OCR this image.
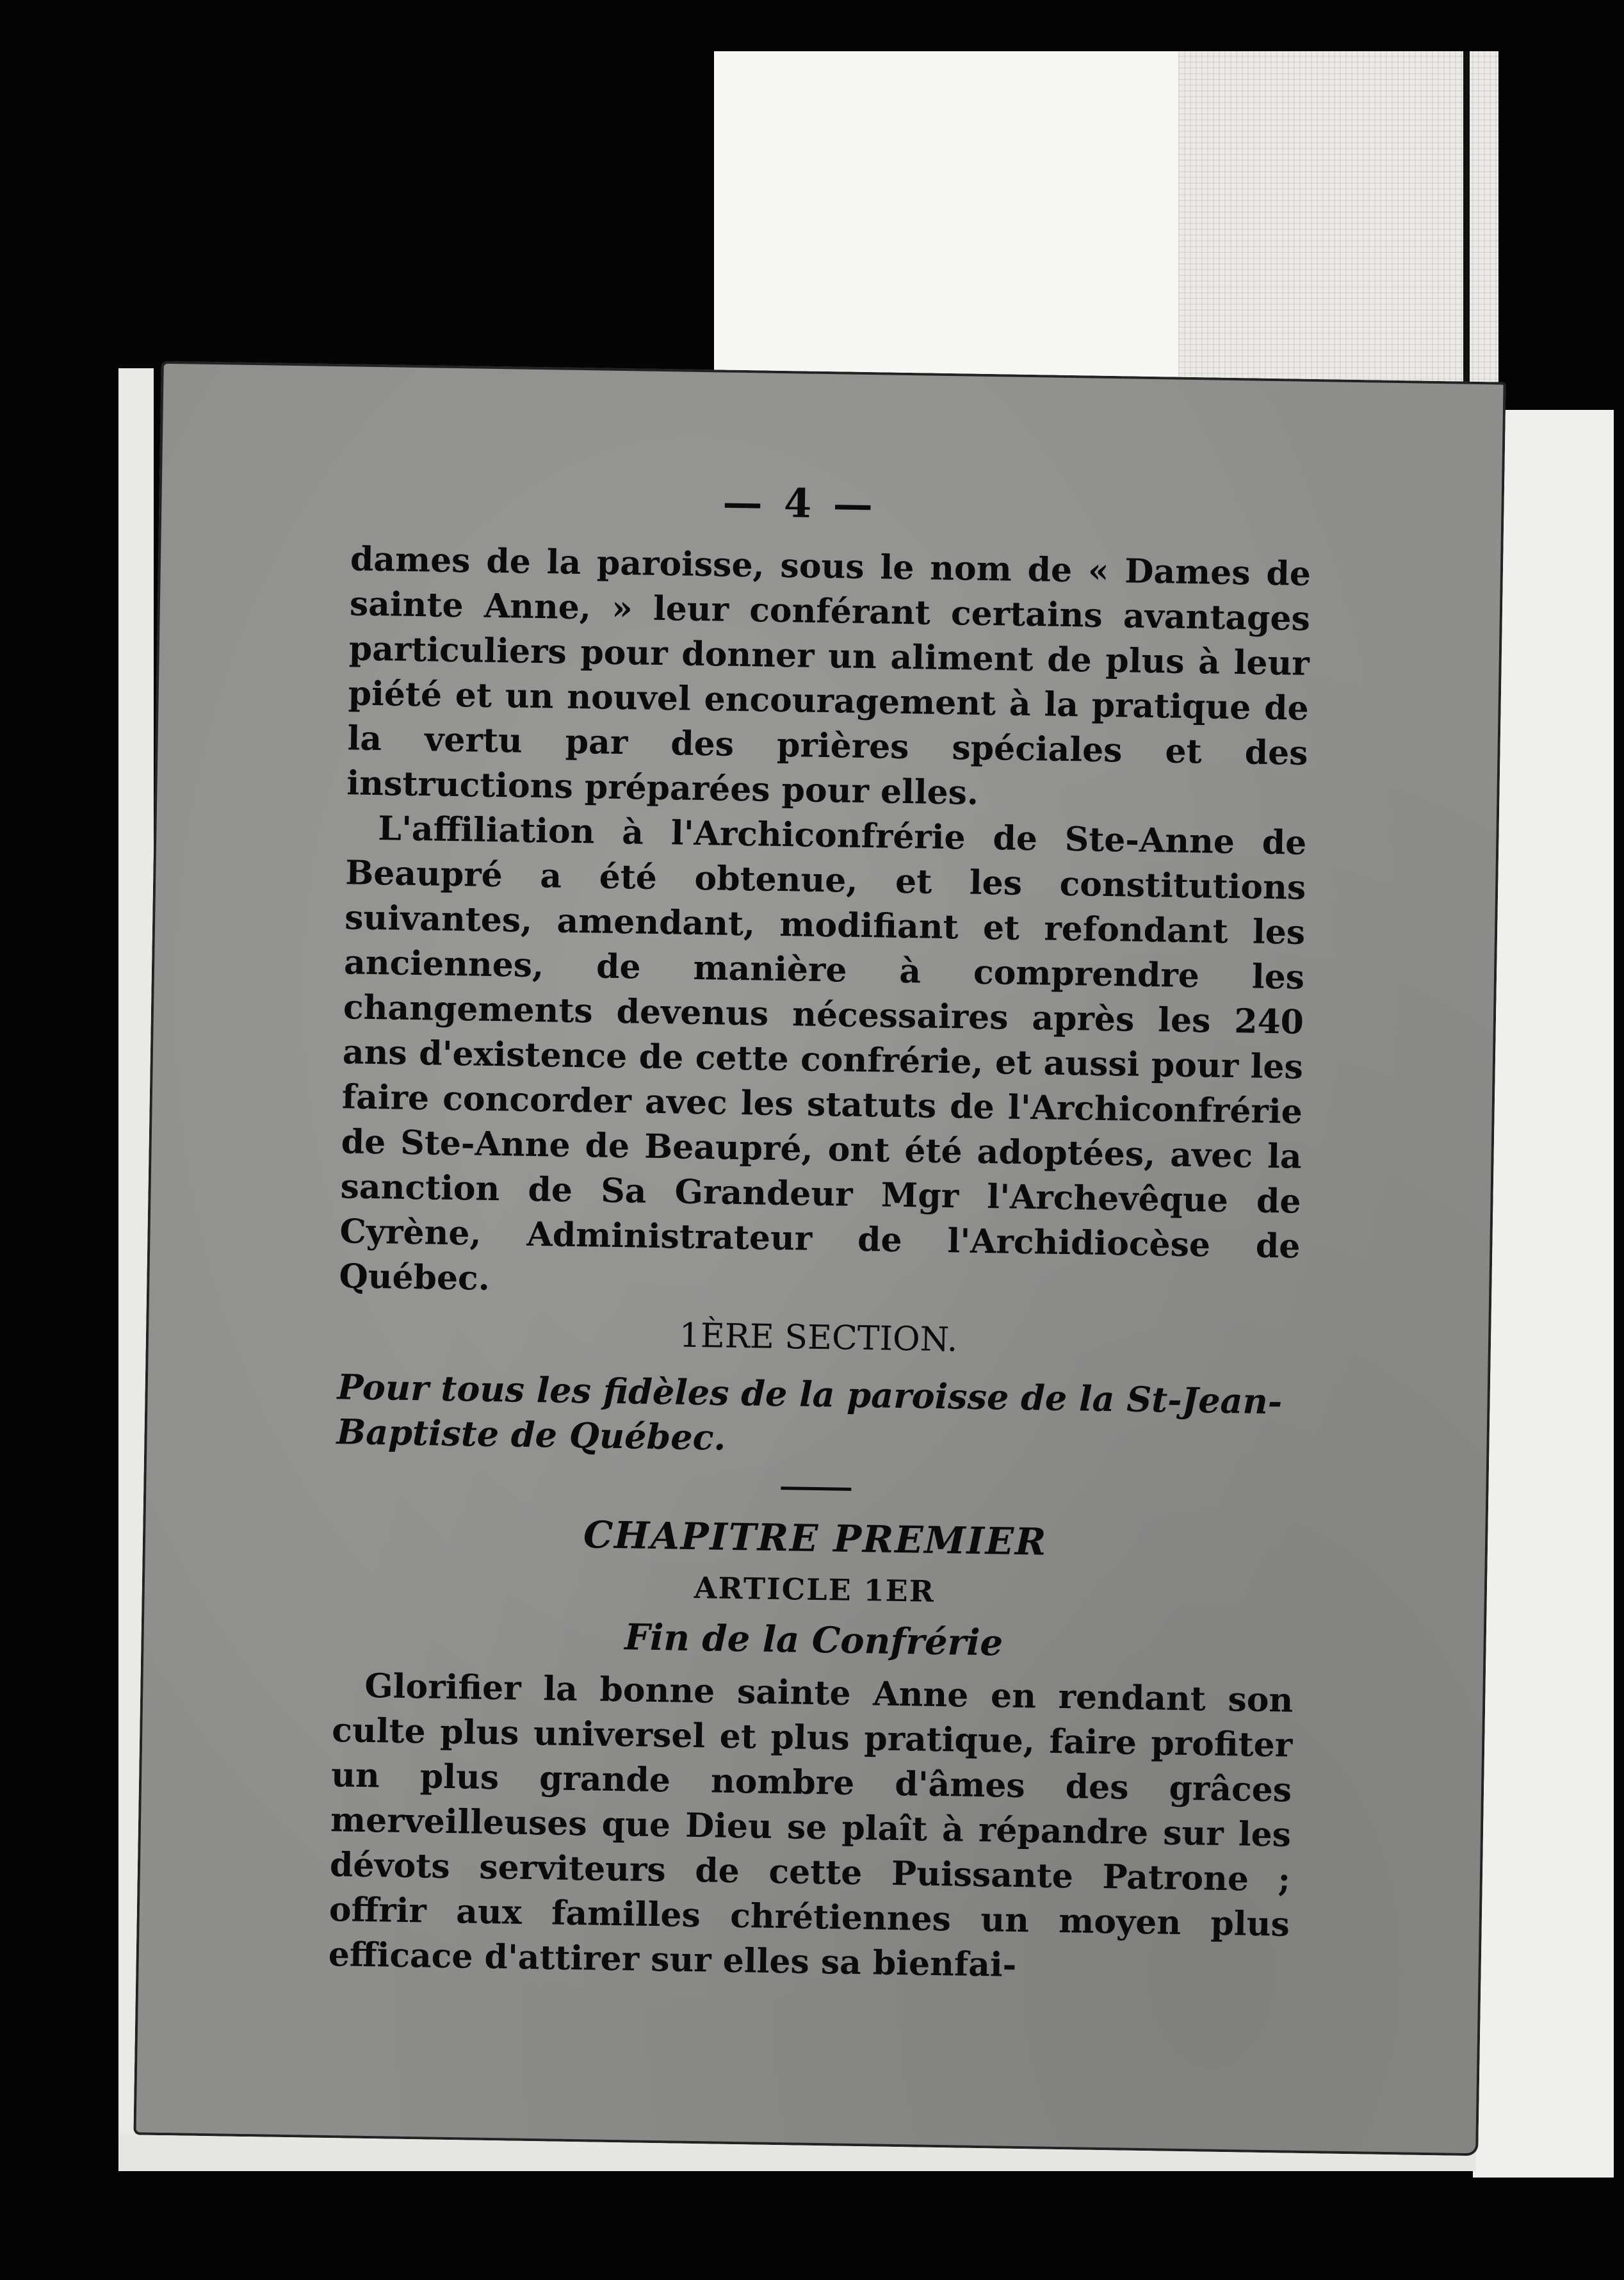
— 4 —

dames de la paroisse, sous le nom de « Dames de sainte Anne, » leur conférant certains avantages particuliers pour donner un aliment de plus à leur piété et un nouvel encouragement à la pratique de la vertu par des prières spéciales et des instructions préparées pour elles.

L'affiliation à l'Archiconfrérie de Ste-Anne de Beaupré a été obtenue, et les constitutions suivantes, amendant, modifiant et refondant les anciennes, de manière à comprendre les changements devenus nécessaires après les 240 ans d'existence de cette confrérie, et aussi pour les faire concorder avec les statuts de l'Archiconfrérie de Ste-Anne de Beaupré, ont été adoptées, avec la sanction de Sa Grandeur Mgr l'Archevêque de Cyrène, Administrateur de l'Archidiocèse de Québec.

1ÈRE SECTION.

Pour tous les fidèles de la paroisse de la St-Jean-Baptiste de Québec.

CHAPITRE PREMIER
ARTICLE 1ER
Fin de la Confrérie

Glorifier la bonne sainte Anne en rendant son culte plus universel et plus pratique, faire profiter un plus grande nombre d'âmes des grâces merveilleuses que Dieu se plaît à répandre sur les dévots serviteurs de cette Puissante Patrone ; offrir aux familles chrétiennes un moyen plus efficace d'attirer sur elles sa bienfai-
